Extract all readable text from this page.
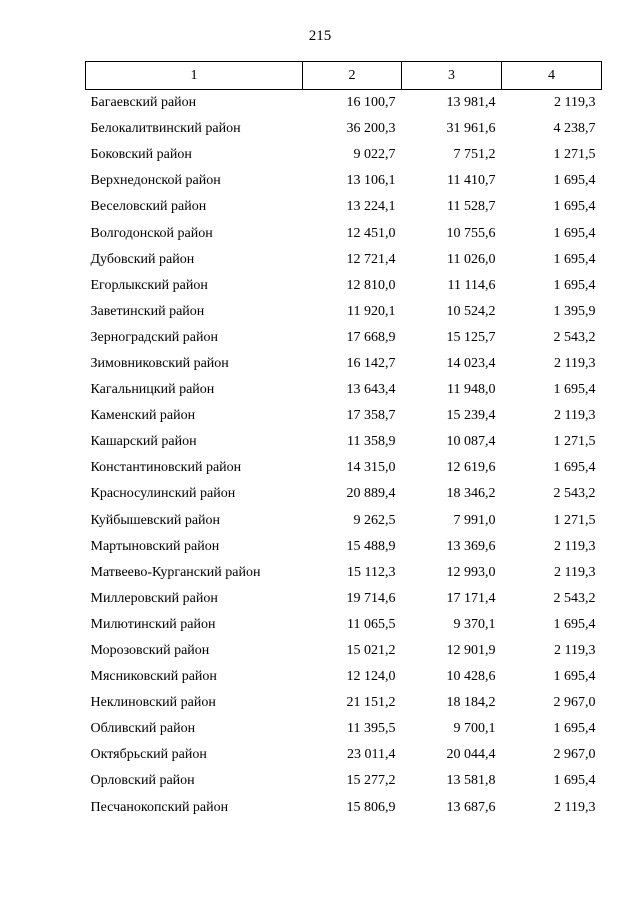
215
1	2	3	4
Багаевский район	16 100,7	13 981,4	2 119,3
Белокалитвинский район	36 200,3	31 961,6	4 238,7
Боковский район	9 022,7	7 751,2	1 271,5
Верхнедонской район	13 106,1	11 410,7	1 695,4
Веселовский район	13 224,1	11 528,7	1 695,4
Волгодонской район	12 451,0	10 755,6	1 695,4
Дубовский район	12 721,4	11 026,0	1 695,4
Егорлыкский район	12 810,0	11 114,6	1 695,4
Заветинский район	11 920,1	10 524,2	1 395,9
Зерноградский район	17 668,9	15 125,7	2 543,2
Зимовниковский район	16 142,7	14 023,4	2 119,3
Кагальницкий район	13 643,4	11 948,0	1 695,4
Каменский район	17 358,7	15 239,4	2 119,3
Кашарский район	11 358,9	10 087,4	1 271,5
Константиновский район	14 315,0	12 619,6	1 695,4
Красносулинский район	20 889,4	18 346,2	2 543,2
Куйбышевский район	9 262,5	7 991,0	1 271,5
Мартыновский район	15 488,9	13 369,6	2 119,3
Матвеево-Курганский район	15 112,3	12 993,0	2 119,3
Миллеровский район	19 714,6	17 171,4	2 543,2
Милютинский район	11 065,5	9 370,1	1 695,4
Морозовский район	15 021,2	12 901,9	2 119,3
Мясниковский район	12 124,0	10 428,6	1 695,4
Неклиновский район	21 151,2	18 184,2	2 967,0
Обливский район	11 395,5	9 700,1	1 695,4
Октябрьский район	23 011,4	20 044,4	2 967,0
Орловский район	15 277,2	13 581,8	1 695,4
Песчанокопский район	15 806,9	13 687,6	2 119,3
